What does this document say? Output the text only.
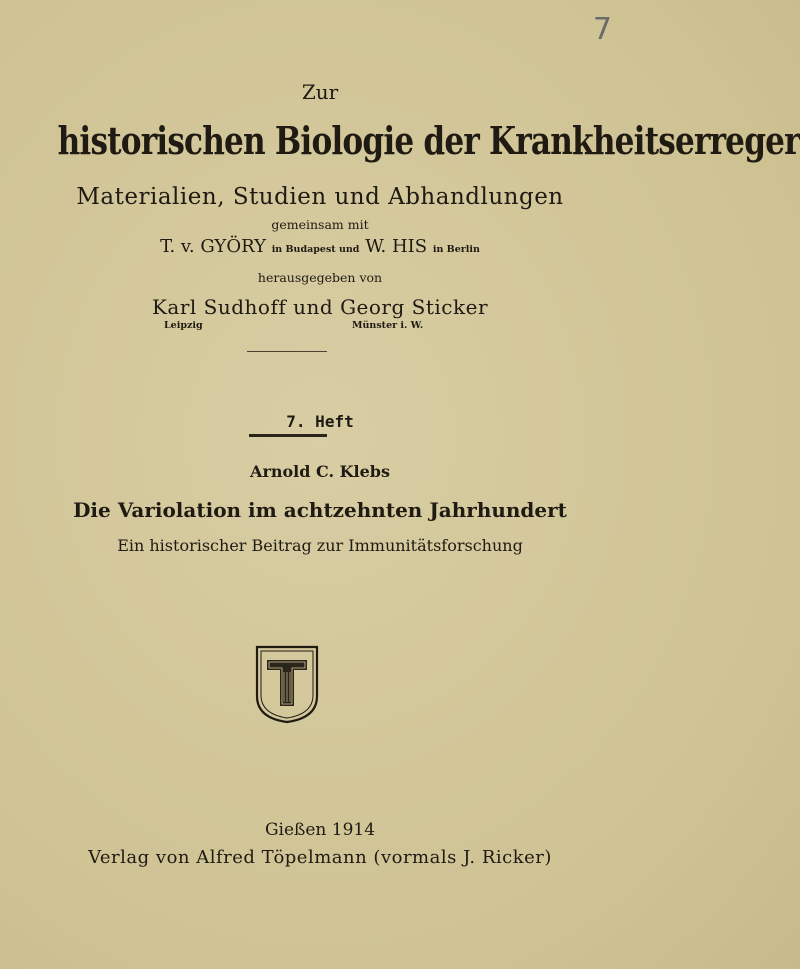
7
Zur
historischen Biologie der Krankheitserreger
Materialien, Studien und Abhandlungen
gemeinsam mit
T. v. GYÖRY in Budapest und W. HIS in Berlin
herausgegeben von
Karl Sudhoff und Georg Sticker
Leipzig	Münster i. W.
7. Heft
Arnold C. Klebs
Die Variolation im achtzehnten Jahrhundert
Ein historischer Beitrag zur Immunitätsforschung
Gießen 1914
Verlag von Alfred Töpelmann (vormals J. Ricker)
